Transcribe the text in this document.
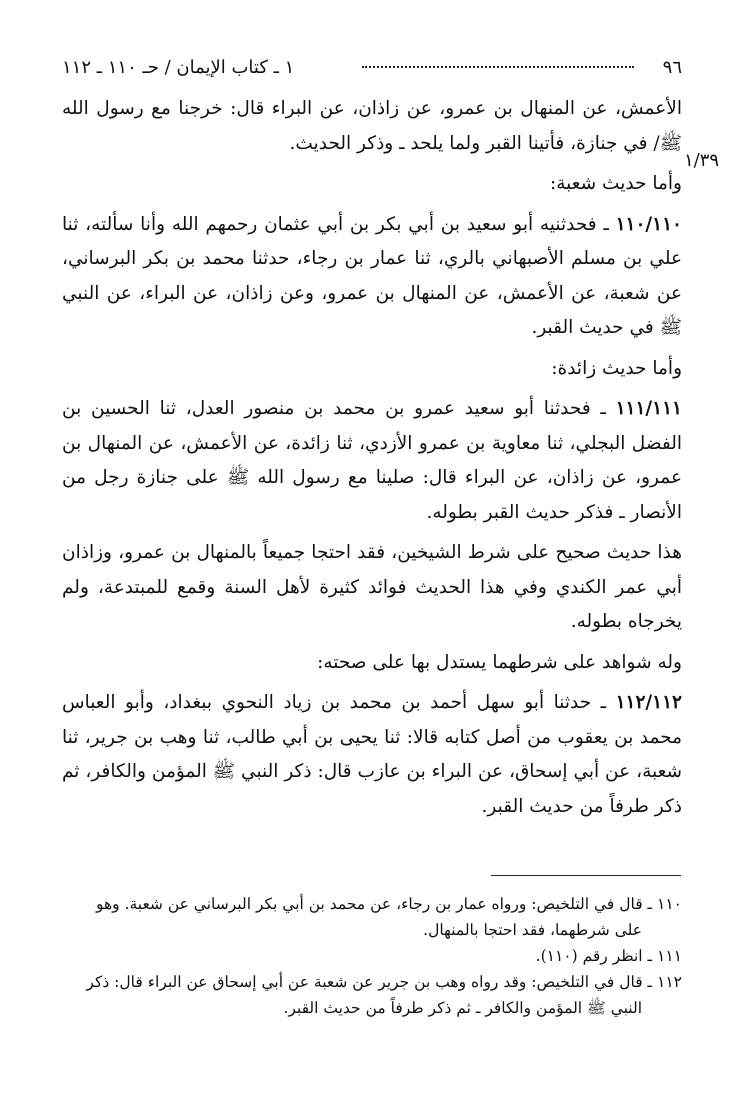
٩٦
١ ـ كتاب الإيمان / حـ ١١٠ ـ ١١٢
١/٣٩

الأعمش، عن المنهال بن عمرو، عن زاذان، عن البراء قال: خرجنا مع رسول الله ﷺ/ في جنازة، فأتينا القبر ولما يلحد ـ وذكر الحديث.

وأما حديث شعبة:

١١٠/١١٠ ـ فحدثنيه أبو سعيد بن أبي بكر بن أبي عثمان رحمهم الله وأنا سألته، ثنا علي بن مسلم الأصبهاني بالري، ثنا عمار بن رجاء، حدثنا محمد بن بكر البرساني، عن شعبة، عن الأعمش، عن المنهال بن عمرو، وعن زاذان، عن البراء، عن النبي ﷺ في حديث القبر.

وأما حديث زائدة:

١١١/١١١ ـ فحدثنا أبو سعيد عمرو بن محمد بن منصور العدل، ثنا الحسين بن الفضل البجلي، ثنا معاوية بن عمرو الأزدي، ثنا زائدة، عن الأعمش، عن المنهال بن عمرو، عن زاذان، عن البراء قال: صلينا مع رسول الله ﷺ على جنازة رجل من الأنصار ـ فذكر حديث القبر بطوله.

هذا حديث صحيح على شرط الشيخين، فقد احتجا جميعاً بالمنهال بن عمرو، وزاذان أبي عمر الكندي وفي هذا الحديث فوائد كثيرة لأهل السنة وقمع للمبتدعة، ولم يخرجاه بطوله.

وله شواهد على شرطهما يستدل بها على صحته:

١١٢/١١٢ ـ حدثنا أبو سهل أحمد بن محمد بن زياد النحوي ببغداد، وأبو العباس محمد بن يعقوب من أصل كتابه قالا: ثنا يحيى بن أبي طالب، ثنا وهب بن جرير، ثنا شعبة، عن أبي إسحاق، عن البراء بن عازب قال: ذكر النبي ﷺ المؤمن والكافر، ثم ذكر طرفاً من حديث القبر.

١١٠ ـ قال في التلخيص: ورواه عمار بن رجاء، عن محمد بن أبي بكر البرساني عن شعبة. وهو

على شرطهما، فقد احتجا بالمنهال.

١١١ ـ انظر رقم (١١٠).

١١٢ ـ قال في التلخيص: وقد رواه وهب بن جرير عن شعبة عن أبي إسحاق عن البراء قال: ذكر

النبي ﷺ المؤمن والكافر ـ ثم ذكر طرفاً من حديث القبر.
